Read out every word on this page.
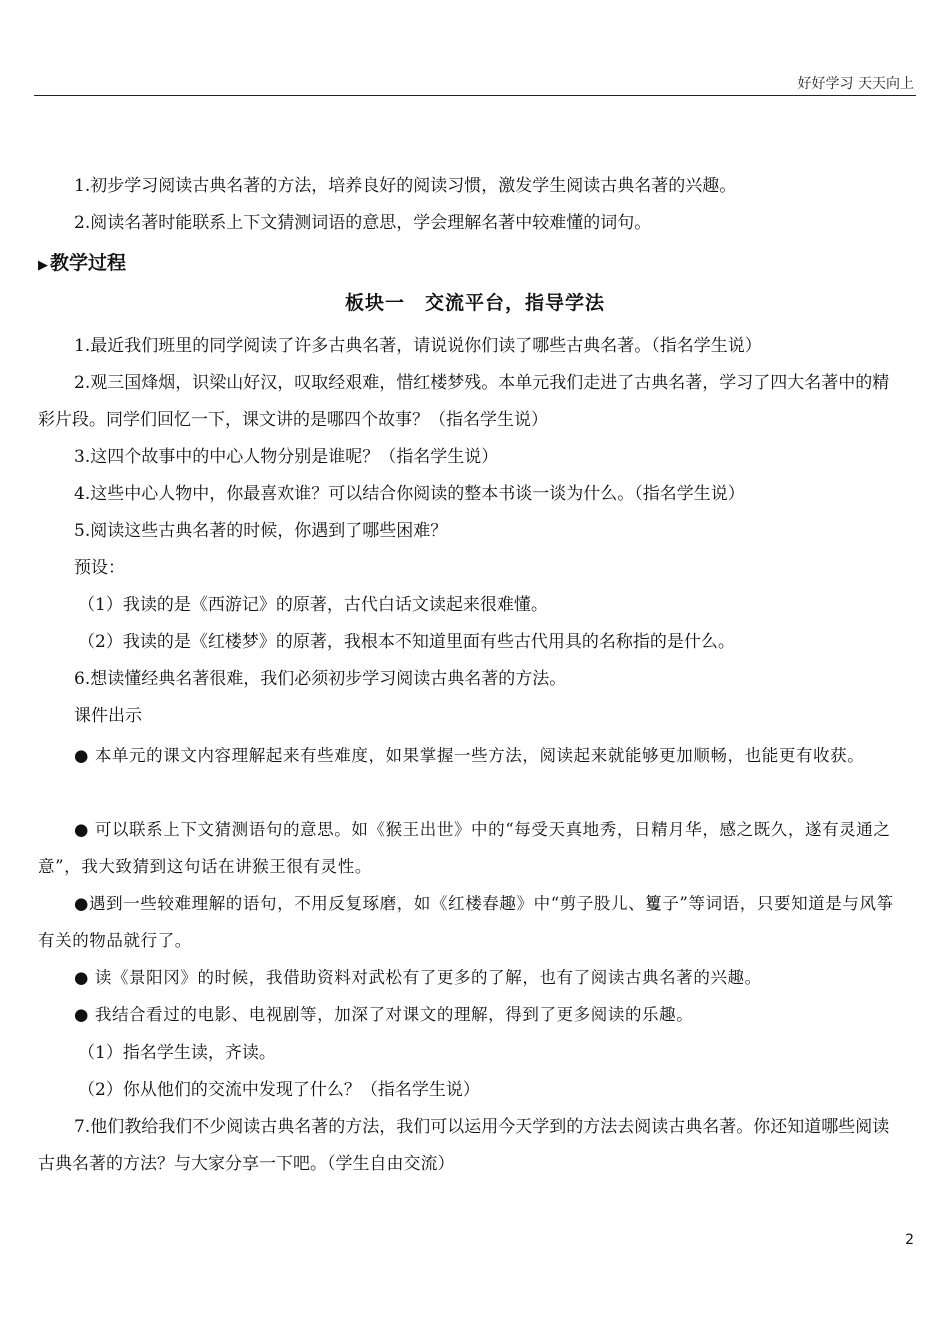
好好学习 天天向上
1.初步学习阅读古典名著的方法，培养良好的阅读习惯，激发学生阅读古典名著的兴趣。
2.阅读名著时能联系上下文猜测词语的意思，学会理解名著中较难懂的词句。
▶ 教学过程
板块一　交流平台，指导学法
1.最近我们班里的同学阅读了许多古典名著，请说说你们读了哪些古典名著。（指名学生说）
2.观三国烽烟，识梁山好汉，叹取经艰难，惜红楼梦残。本单元我们走进了古典名著，学习了四大名著中的精彩片段。同学们回忆一下，课文讲的是哪四个故事？（指名学生说）
3.这四个故事中的中心人物分别是谁呢？（指名学生说）
4.这些中心人物中，你最喜欢谁？可以结合你阅读的整本书谈一谈为什么。（指名学生说）
5.阅读这些古典名著的时候，你遇到了哪些困难？
预设：
（1）我读的是《西游记》的原著，古代白话文读起来很难懂。
（2）我读的是《红楼梦》的原著，我根本不知道里面有些古代用具的名称指的是什么。
6.想读懂经典名著很难，我们必须初步学习阅读古典名著的方法。
课件出示
● 本单元的课文内容理解起来有些难度，如果掌握一些方法，阅读起来就能够更加顺畅，也能更有收获。
● 可以联系上下文猜测语句的意思。如《猴王出世》中的“每受天真地秀，日精月华，感之既久，遂有灵通之意”，我大致猜到这句话在讲猴王很有灵性。
●遇到一些较难理解的语句，不用反复琢磨，如《红楼春趣》中“剪子股儿、籰子”等词语，只要知道是与风筝有关的物品就行了。
● 读《景阳冈》的时候，我借助资料对武松有了更多的了解，也有了阅读古典名著的兴趣。
● 我结合看过的电影、电视剧等，加深了对课文的理解，得到了更多阅读的乐趣。
（1）指名学生读，齐读。
（2）你从他们的交流中发现了什么？（指名学生说）
7.他们教给我们不少阅读古典名著的方法，我们可以运用今天学到的方法去阅读古典名著。你还知道哪些阅读古典名著的方法？与大家分享一下吧。（学生自由交流）
2
